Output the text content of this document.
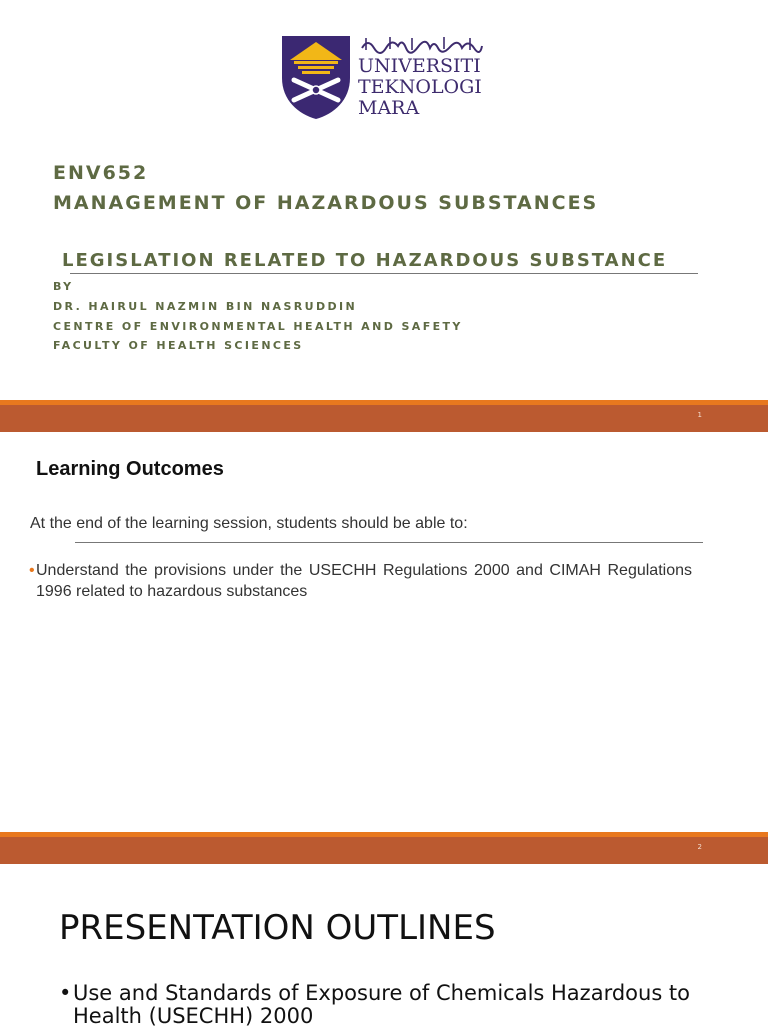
UNIVERSITI
TEKNOLOGI
MARA
ENV652
MANAGEMENT OF HAZARDOUS SUBSTANCES
LEGISLATION RELATED TO HAZARDOUS SUBSTANCE
BY
DR. HAIRUL NAZMIN BIN NASRUDDIN
CENTRE OF ENVIRONMENTAL HEALTH AND SAFETY
FACULTY OF HEALTH SCIENCES
1
Learning Outcomes
At the end of the learning session, students should be able to:
• Understand the provisions under the USECHH Regulations 2000 and CIMAH Regulations 1996 related to hazardous substances
2
PRESENTATION OUTLINES
• Use and Standards of Exposure of Chemicals Hazardous to Health (USECHH) 2000
